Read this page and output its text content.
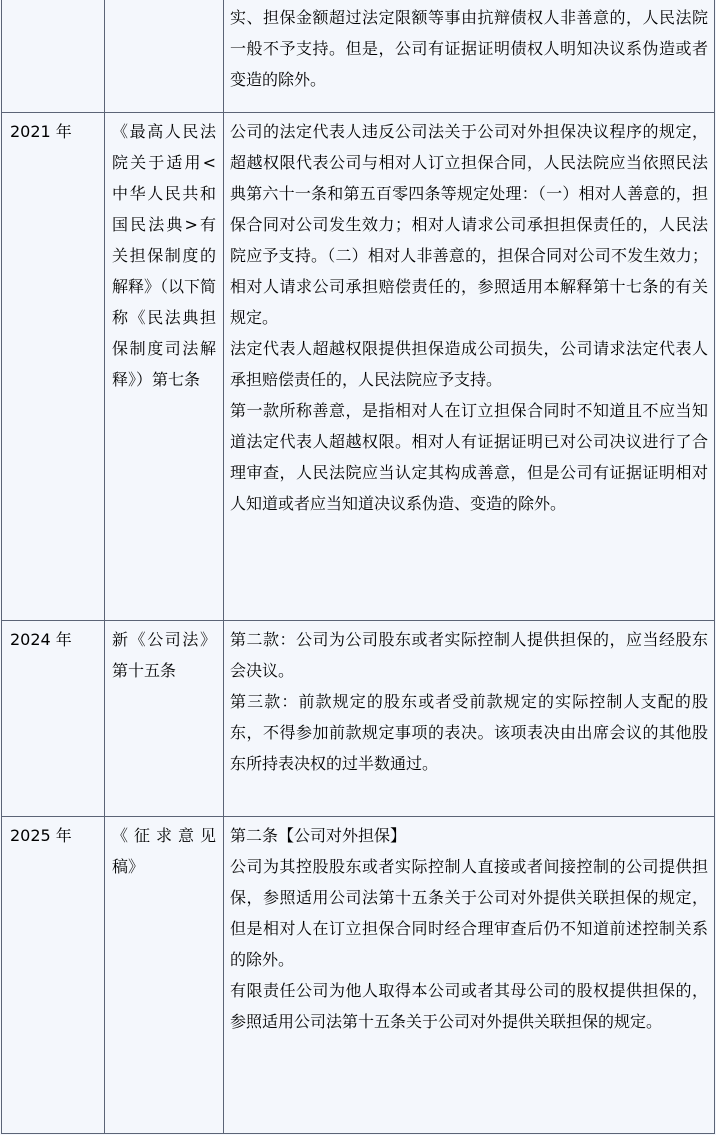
		实、担保金额超过法定限额等事由抗辩债权人非善意的，人民法院一般不予支持。但是，公司有证据证明债权人明知决议系伪造或者变造的除外。

2021 年	《最高人民法院关于适用<中华人民共和国民法典>有关担保制度的解释》（以下简称《民法典担保制度司法解释》）第七条	公司的法定代表人违反公司法关于公司对外担保决议程序的规定，超越权限代表公司与相对人订立担保合同，人民法院应当依照民法典第六十一条和第五百零四条等规定处理：（一）相对人善意的，担保合同对公司发生效力；相对人请求公司承担担保责任的，人民法院应予支持。（二）相对人非善意的，担保合同对公司不发生效力；相对人请求公司承担赔偿责任的，参照适用本解释第十七条的有关规定。

法定代表人超越权限提供担保造成公司损失，公司请求法定代表人承担赔偿责任的，人民法院应予支持。

第一款所称善意，是指相对人在订立担保合同时不知道且不应当知道法定代表人超越权限。相对人有证据证明已对公司决议进行了合理审查，人民法院应当认定其构成善意，但是公司有证据证明相对人知道或者应当知道决议系伪造、变造的除外。

2024 年	新《公司法》第十五条	第二款：公司为公司股东或者实际控制人提供担保的，应当经股东会决议。

第三款：前款规定的股东或者受前款规定的实际控制人支配的股东，不得参加前款规定事项的表决。该项表决由出席会议的其他股东所持表决权的过半数通过。

2025 年	《征求意见稿》	第二条【公司对外担保】

公司为其控股股东或者实际控制人直接或者间接控制的公司提供担保，参照适用公司法第十五条关于公司对外提供关联担保的规定，但是相对人在订立担保合同时经合理审查后仍不知道前述控制关系的除外。

有限责任公司为他人取得本公司或者其母公司的股权提供担保的，参照适用公司法第十五条关于公司对外提供关联担保的规定。
